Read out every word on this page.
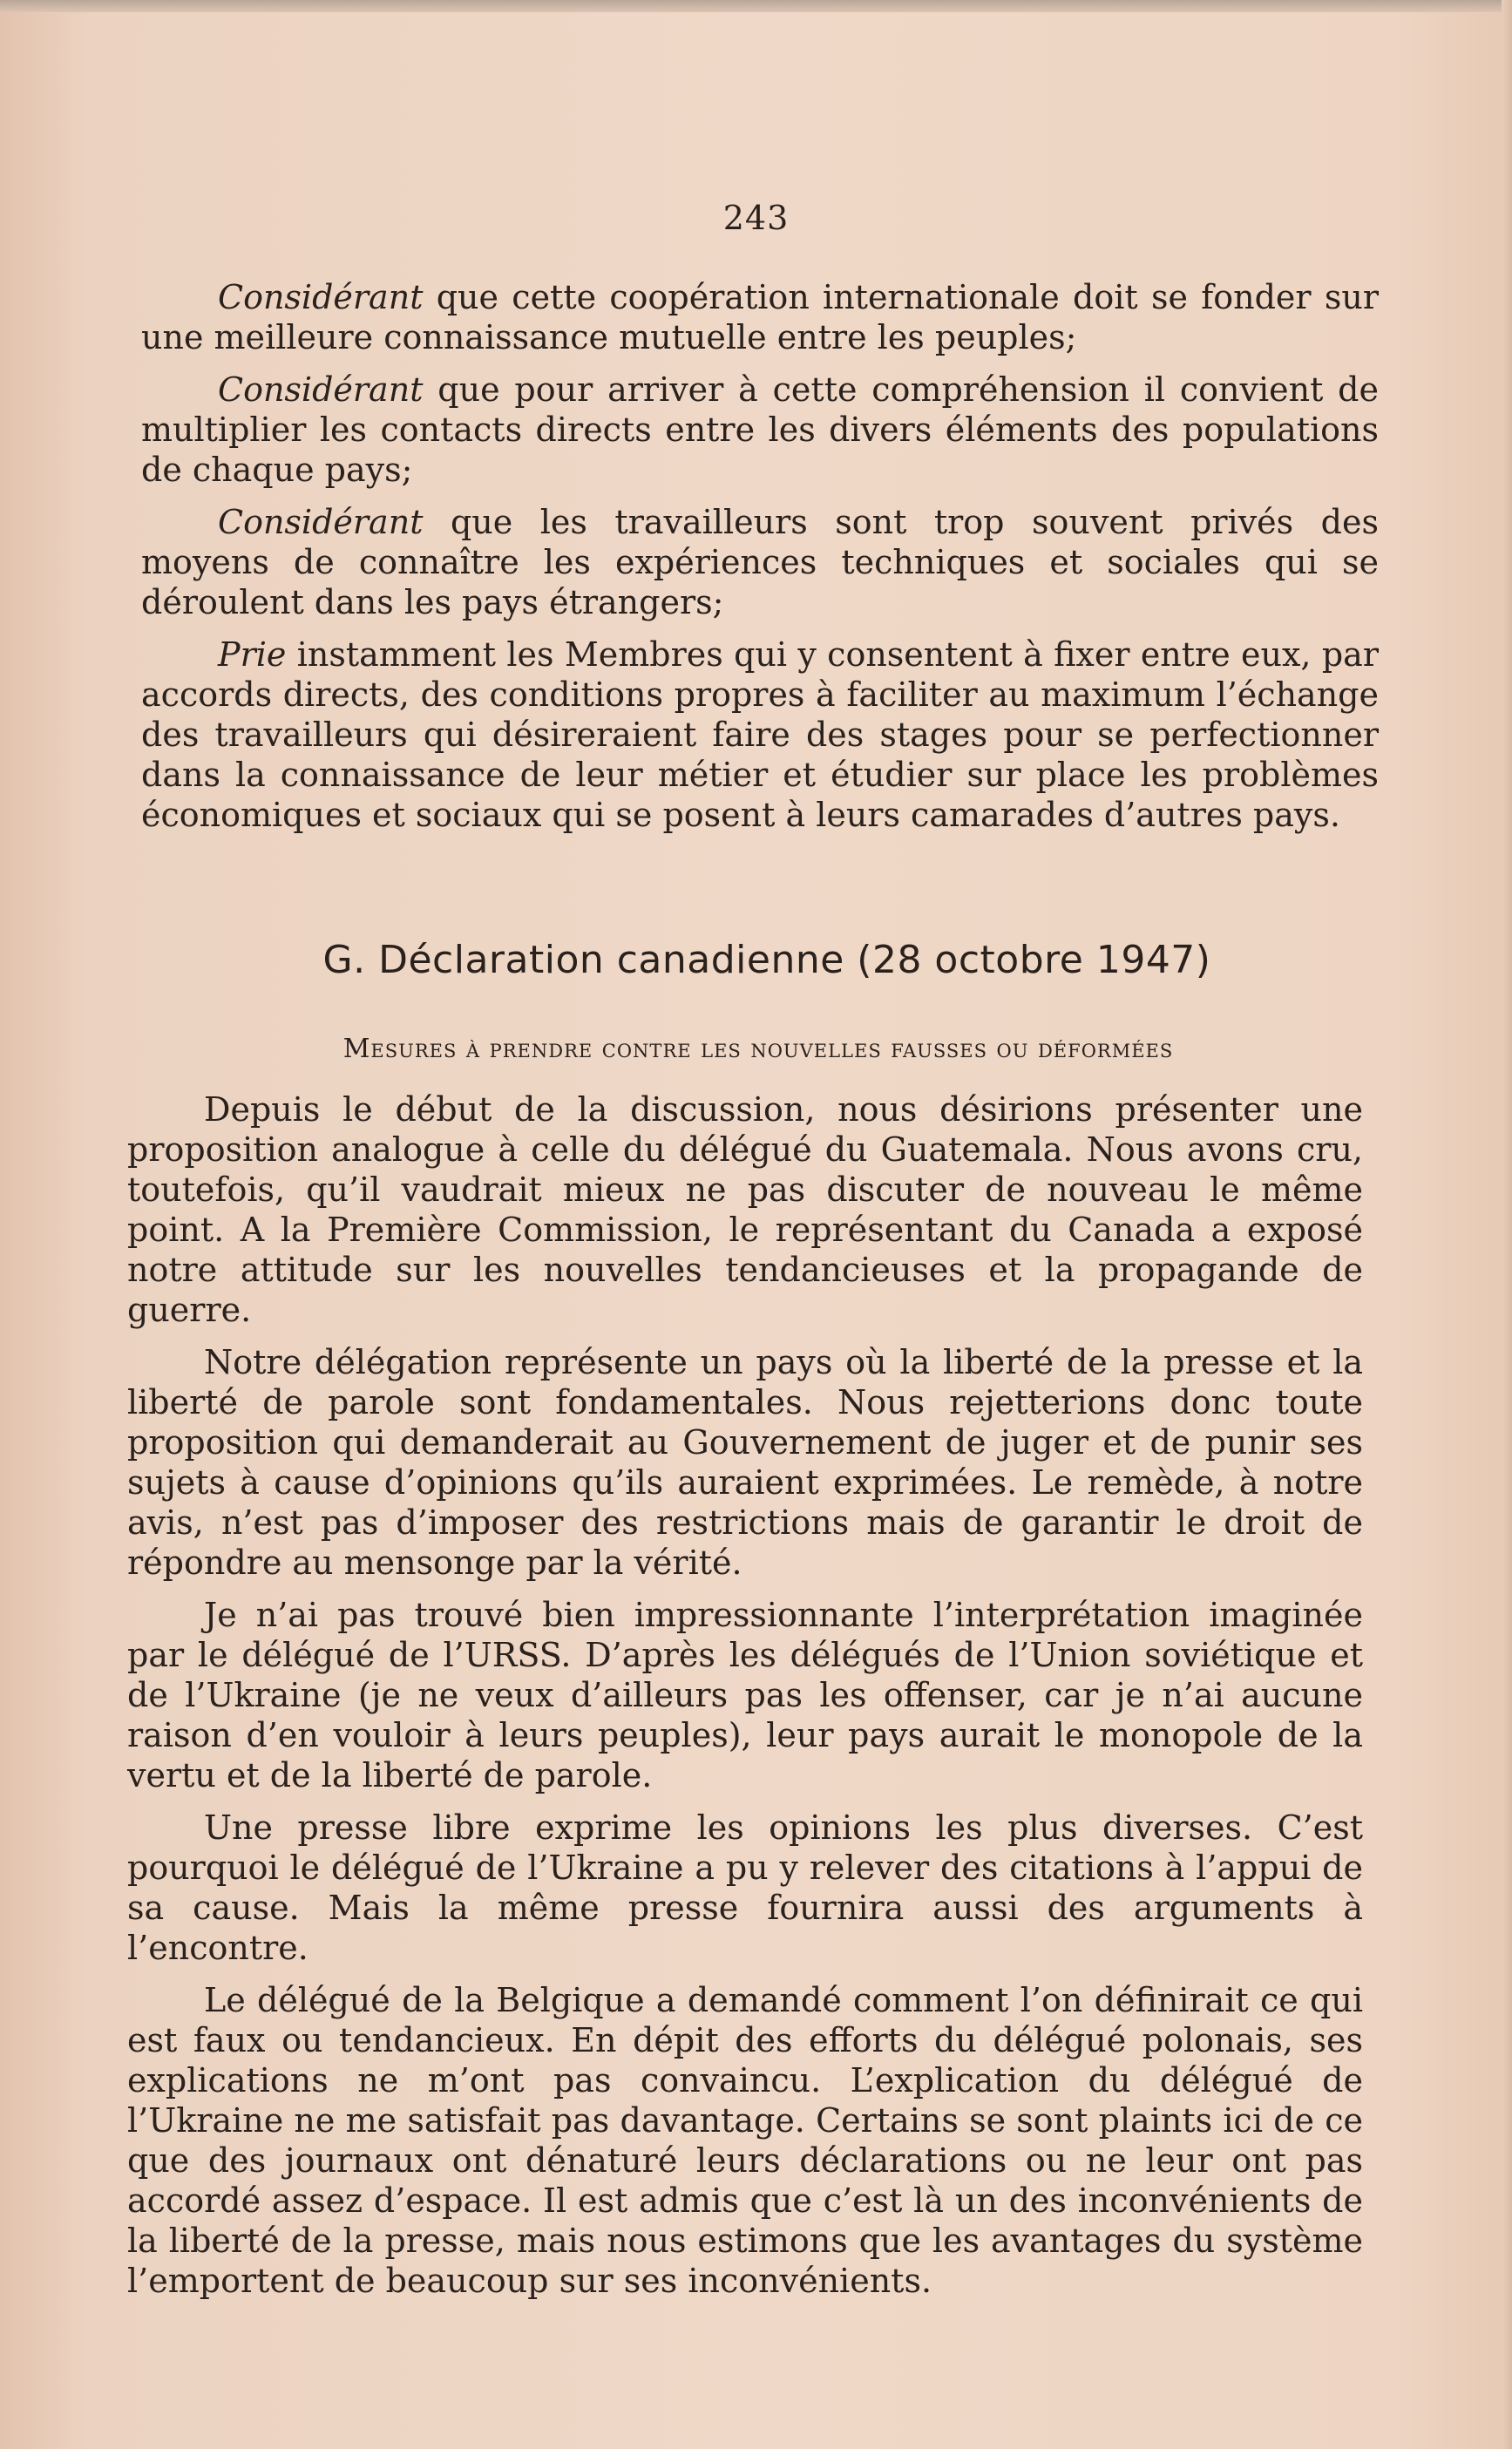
243

Considérant que cette coopération internationale doit se fonder sur une meilleure connaissance mutuelle entre les peuples;

Considérant que pour arriver à cette compréhension il convient de multiplier les contacts directs entre les divers éléments des populations de chaque pays;

Considérant que les travailleurs sont trop souvent privés des moyens de connaître les expériences techniques et sociales qui se déroulent dans les pays étrangers;

Prie instamment les Membres qui y consentent à fixer entre eux, par accords directs, des conditions propres à faciliter au maximum l’échange des travailleurs qui désireraient faire des stages pour se perfectionner dans la connaissance de leur métier et étudier sur place les problèmes économiques et sociaux qui se posent à leurs camarades d’autres pays.

G. Déclaration canadienne (28 octobre 1947)
Mesures à prendre contre les nouvelles fausses ou déformées

Depuis le début de la discussion, nous désirions présenter une proposition analogue à celle du délégué du Guatemala. Nous avons cru, toutefois, qu’il vaudrait mieux ne pas discuter de nouveau le même point. A la Première Commission, le représentant du Canada a exposé notre attitude sur les nouvelles tendancieuses et la propagande de guerre.

Notre délégation représente un pays où la liberté de la presse et la liberté de parole sont fondamentales. Nous rejetterions donc toute proposition qui demanderait au Gouvernement de juger et de punir ses sujets à cause d’opinions qu’ils auraient exprimées. Le remède, à notre avis, n’est pas d’imposer des restrictions mais de garantir le droit de répondre au mensonge par la vérité.

Je n’ai pas trouvé bien impressionnante l’interprétation imaginée par le délégué de l’URSS. D’après les délégués de l’Union soviétique et de l’Ukraine (je ne veux d’ailleurs pas les offenser, car je n’ai aucune raison d’en vouloir à leurs peuples), leur pays aurait le monopole de la vertu et de la liberté de parole.

Une presse libre exprime les opinions les plus diverses. C’est pourquoi le délégué de l’Ukraine a pu y relever des citations à l’appui de sa cause. Mais la même presse fournira aussi des arguments à l’encontre.

Le délégué de la Belgique a demandé comment l’on définirait ce qui est faux ou tendancieux. En dépit des efforts du délégué polonais, ses explications ne m’ont pas convaincu. L’explication du délégué de l’Ukraine ne me satisfait pas davantage. Certains se sont plaints ici de ce que des journaux ont dénaturé leurs déclarations ou ne leur ont pas accordé assez d’espace. Il est admis que c’est là un des inconvénients de la liberté de la presse, mais nous estimons que les avantages du système l’emportent de beaucoup sur ses inconvénients.
